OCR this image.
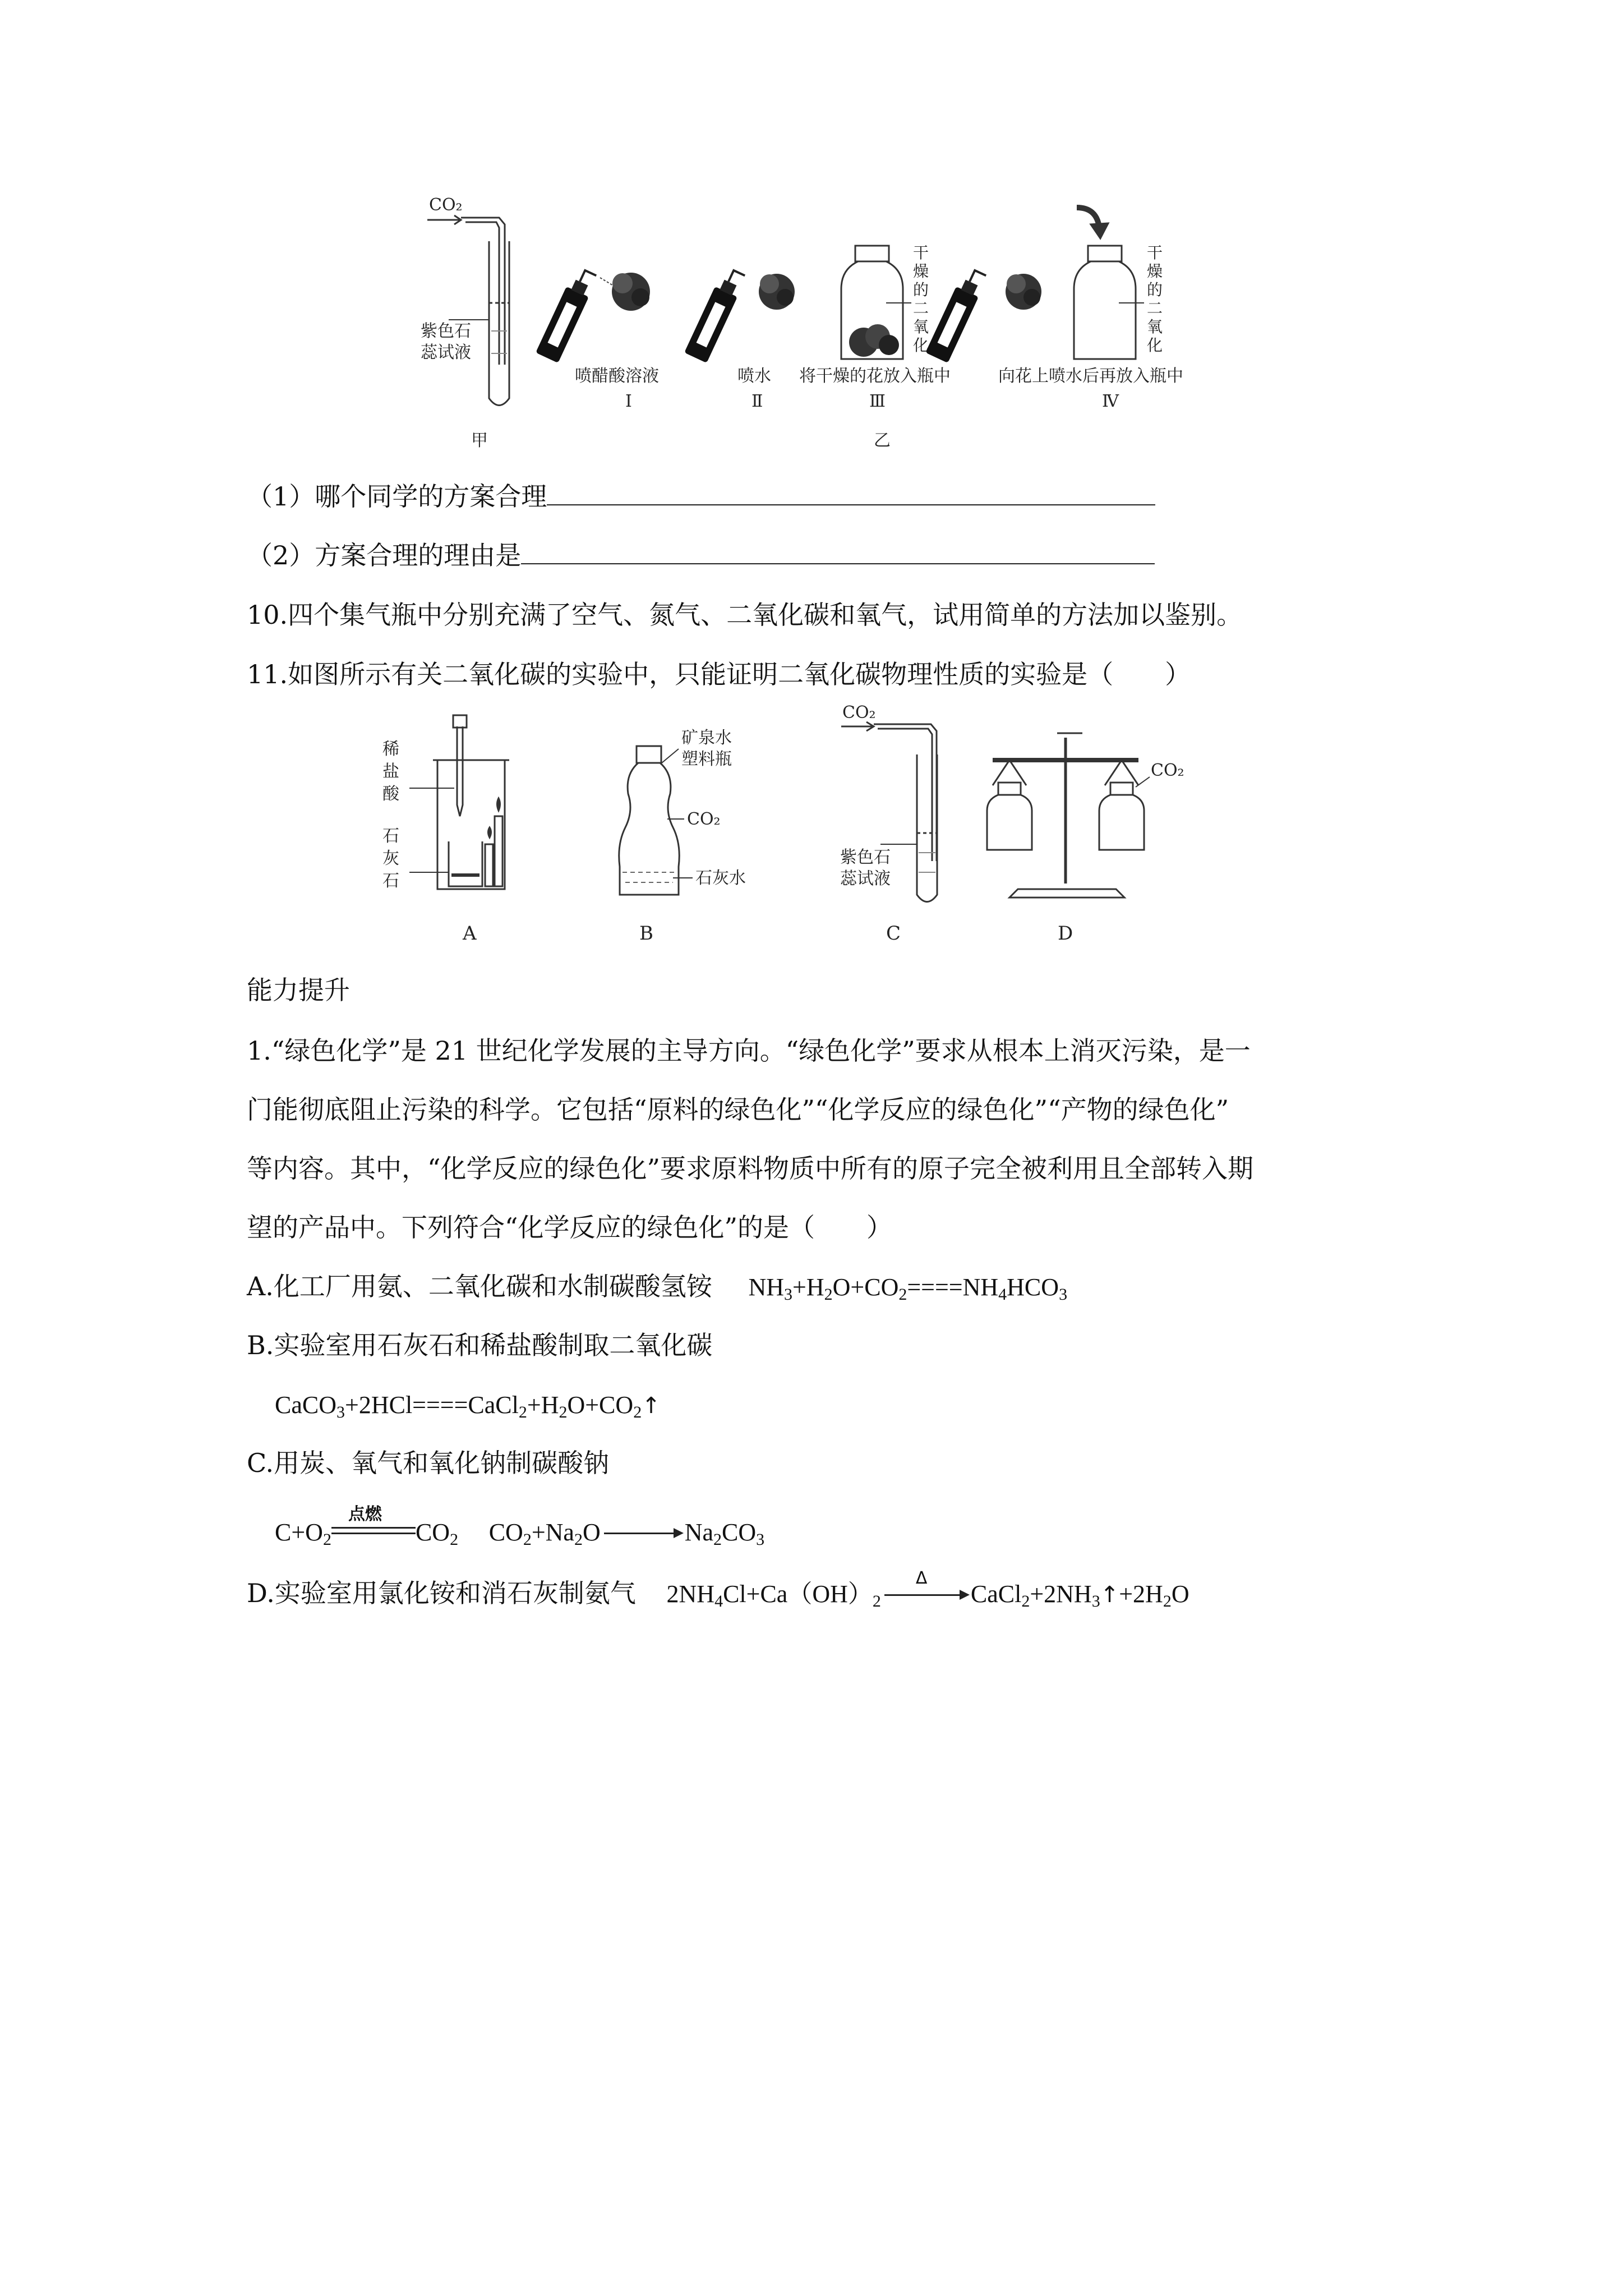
CO₂
紫色石
蕊试液
甲
喷醋酸溶液
Ⅰ
喷水
Ⅱ
干
燥
的
二
氧
化
将干燥的花放入瓶中
Ⅲ
干
燥
的
二
氧
化
向花上喷水后再放入瓶中
Ⅳ
乙
（1）哪个同学的方案合理
（2）方案合理的理由是
10.四个集气瓶中分别充满了空气、氮气、二氧化碳和氧气，试用简单的方法加以鉴别。
11.如图所示有关二氧化碳的实验中，只能证明二氧化碳物理性质的实验是（　　）
稀
盐
酸
石
灰
石
A
矿泉水
塑料瓶
CO₂
石灰水
B
CO₂
紫色石
蕊试液
C
CO₂
D
能力提升
1.“绿色化学”是 21 世纪化学发展的主导方向。“绿色化学”要求从根本上消灭污染，是一
门能彻底阻止污染的科学。它包括“原料的绿色化”“化学反应的绿色化”“产物的绿色化”
等内容。其中，“化学反应的绿色化”要求原料物质中所有的原子完全被利用且全部转入期
望的产品中。下列符合“化学反应的绿色化”的是（　　）
A.化工厂用氨、二氧化碳和水制碳酸氢铵 $NH_3+H_2O+CO_2====NH_4HCO_3$
B.实验室用石灰石和稀盐酸制取二氧化碳
$CaCO_3+2HCl====CaCl_2+H_2O+CO_2↑$
C.用炭、氧气和氧化钠制碳酸钠
$C+O_2$
点燃
$CO_2$ $CO_2+Na_2O$	$Na_2CO_3$
D.实验室用氯化铵和消石灰制氨气 $2NH_4Cl+Ca(OH)_2$
Δ
$CaCl_2+2NH_3↑+2H_2O$
